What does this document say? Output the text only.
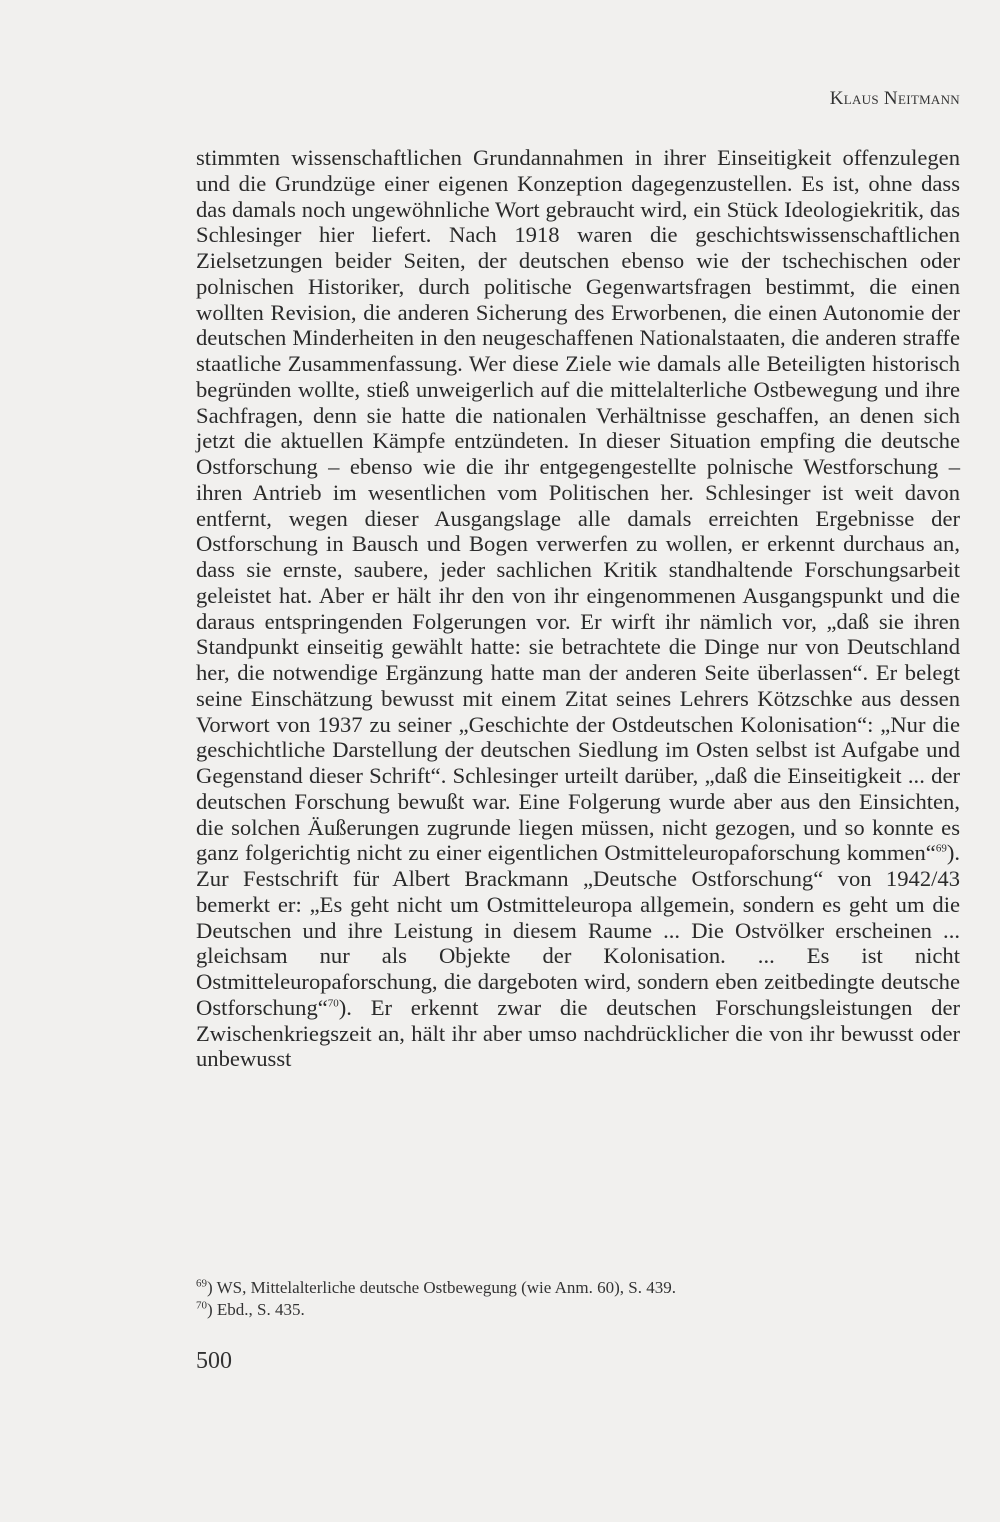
Klaus Neitmann

stimmten wissenschaftlichen Grundannahmen in ihrer Einseitigkeit offenzulegen und die Grundzüge einer eigenen Konzeption dagegenzustellen. Es ist, ohne dass das damals noch ungewöhnliche Wort gebraucht wird, ein Stück Ideologiekritik, das Schlesinger hier liefert. Nach 1918 waren die geschichtswissenschaftlichen Zielsetzungen beider Seiten, der deutschen ebenso wie der tschechischen oder polnischen Historiker, durch politische Gegenwartsfragen bestimmt, die einen wollten Revision, die anderen Sicherung des Erworbenen, die einen Autonomie der deutschen Minderheiten in den neugeschaffenen Nationalstaaten, die anderen straffe staatliche Zusammenfassung. Wer diese Ziele wie damals alle Beteiligten historisch begründen wollte, stieß unweigerlich auf die mittelalterliche Ostbewegung und ihre Sachfragen, denn sie hatte die nationalen Verhältnisse geschaffen, an denen sich jetzt die aktuellen Kämpfe entzündeten. In dieser Situation empfing die deutsche Ostforschung – ebenso wie die ihr entgegengestellte polnische Westforschung – ihren Antrieb im wesentlichen vom Politischen her. Schlesinger ist weit davon entfernt, wegen dieser Ausgangslage alle damals erreichten Ergebnisse der Ostforschung in Bausch und Bogen verwerfen zu wollen, er erkennt durchaus an, dass sie ernste, saubere, jeder sachlichen Kritik standhaltende Forschungsarbeit geleistet hat. Aber er hält ihr den von ihr eingenommenen Ausgangspunkt und die daraus entspringenden Folgerungen vor. Er wirft ihr nämlich vor, „daß sie ihren Standpunkt einseitig gewählt hatte: sie betrachtete die Dinge nur von Deutschland her, die notwendige Ergänzung hatte man der anderen Seite überlassen“. Er belegt seine Einschätzung bewusst mit einem Zitat seines Lehrers Kötzschke aus dessen Vorwort von 1937 zu seiner „Geschichte der Ostdeutschen Kolonisation“: „Nur die geschichtliche Darstellung der deutschen Siedlung im Osten selbst ist Aufgabe und Gegenstand dieser Schrift“. Schlesinger urteilt darüber, „daß die Einseitigkeit ... der deutschen Forschung bewußt war. Eine Folgerung wurde aber aus den Einsichten, die solchen Äußerungen zugrunde liegen müssen, nicht gezogen, und so konnte es ganz folgerichtig nicht zu einer eigentlichen Ostmitteleuropaforschung kommen“$^{69}$). Zur Festschrift für Albert Brackmann „Deutsche Ostforschung“ von 1942/43 bemerkt er: „Es geht nicht um Ostmitteleuropa allgemein, sondern es geht um die Deutschen und ihre Leistung in diesem Raume ... Die Ostvölker erscheinen ... gleichsam nur als Objekte der Kolonisation. ... Es ist nicht Ostmitteleuropaforschung, die dargeboten wird, sondern eben zeitbedingte deutsche Ostforschung“$^{70}$). Er erkennt zwar die deutschen Forschungsleistungen der Zwischenkriegszeit an, hält ihr aber umso nachdrücklicher die von ihr bewusst oder unbewusst

$^{69}$) WS, Mittelalterliche deutsche Ostbewegung (wie Anm. 60), S. 439.

$^{70}$) Ebd., S. 435.

500
